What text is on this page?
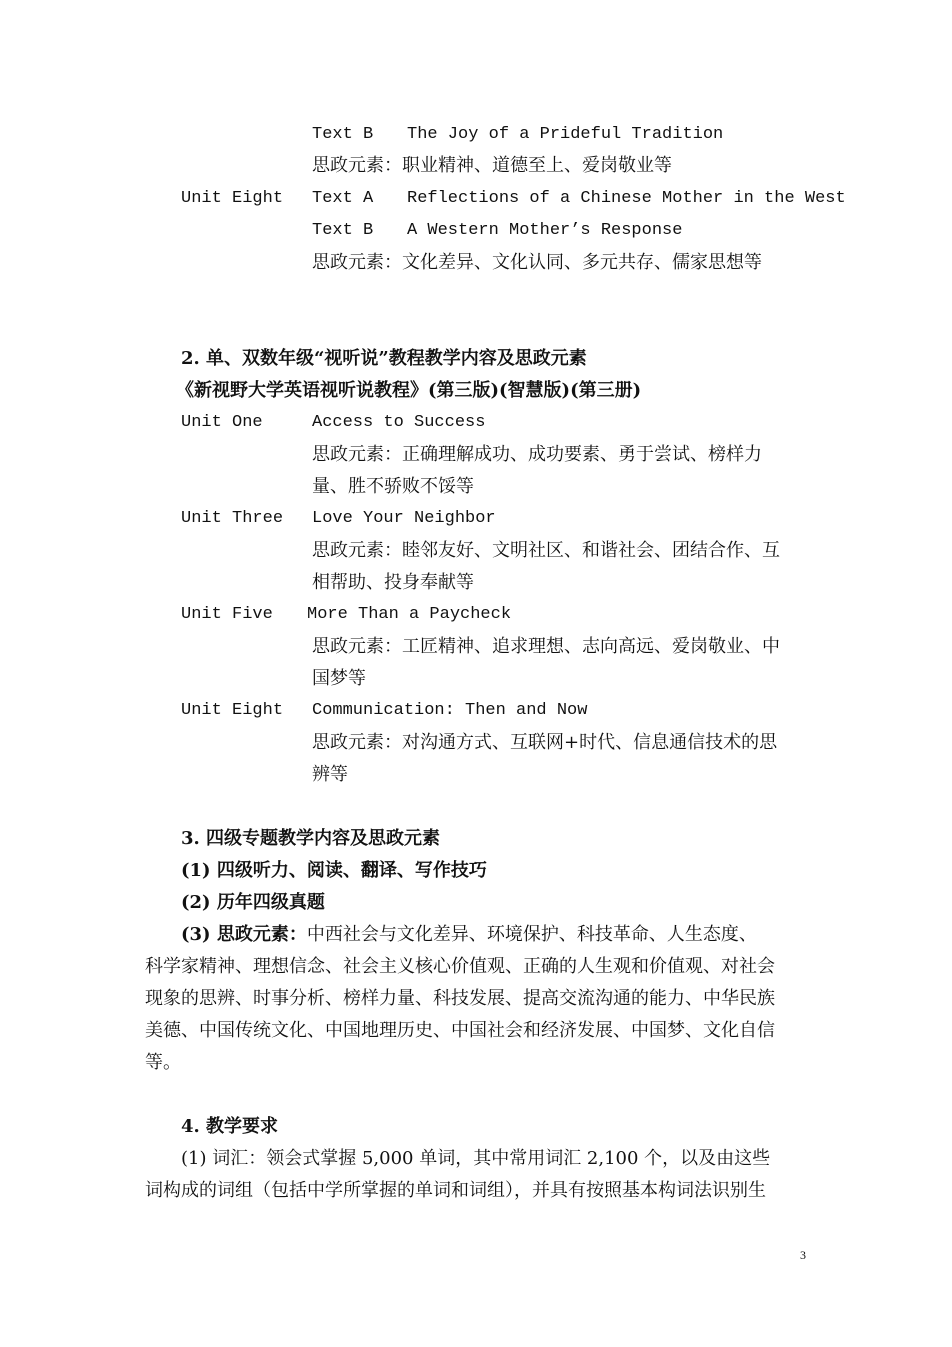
Text B The Joy of a Prideful Tradition
思政元素：职业精神、道德至上、爱岗敬业等
Unit Eight Text A Reflections of a Chinese Mother in the West
Text B A Western Mother’s Response
思政元素：文化差异、文化认同、多元共存、儒家思想等
2. 单、双数年级“视听说”教程教学内容及思政元素
《新视野大学英语视听说教程》(第三版)(智慧版)(第三册)
Unit One	Access to Success
思政元素：正确理解成功、成功要素、勇于尝试、榜样力
量、胜不骄败不馁等
Unit Three Love Your Neighbor
思政元素：睦邻友好、文明社区、和谐社会、团结合作、互
相帮助、投身奉献等
Unit Five More Than a Paycheck
思政元素：工匠精神、追求理想、志向高远、爱岗敬业、中
国梦等
Unit Eight Communication: Then and Now
思政元素：对沟通方式、互联网+时代、信息通信技术的思
辨等
3. 四级专题教学内容及思政元素
(1) 四级听力、阅读、翻译、写作技巧
(2) 历年四级真题
(3) 思政元素：中西社会与文化差异、环境保护、科技革命、人生态度、
科学家精神、理想信念、社会主义核心价值观、正确的人生观和价值观、对社会
现象的思辨、时事分析、榜样力量、科技发展、提高交流沟通的能力、中华民族
美德、中国传统文化、中国地理历史、中国社会和经济发展、中国梦、文化自信
等。
4. 教学要求
(1) 词汇：领会式掌握 5,000 单词，其中常用词汇 2,100 个，以及由这些
词构成的词组（包括中学所掌握的单词和词组），并具有按照基本构词法识别生
3
